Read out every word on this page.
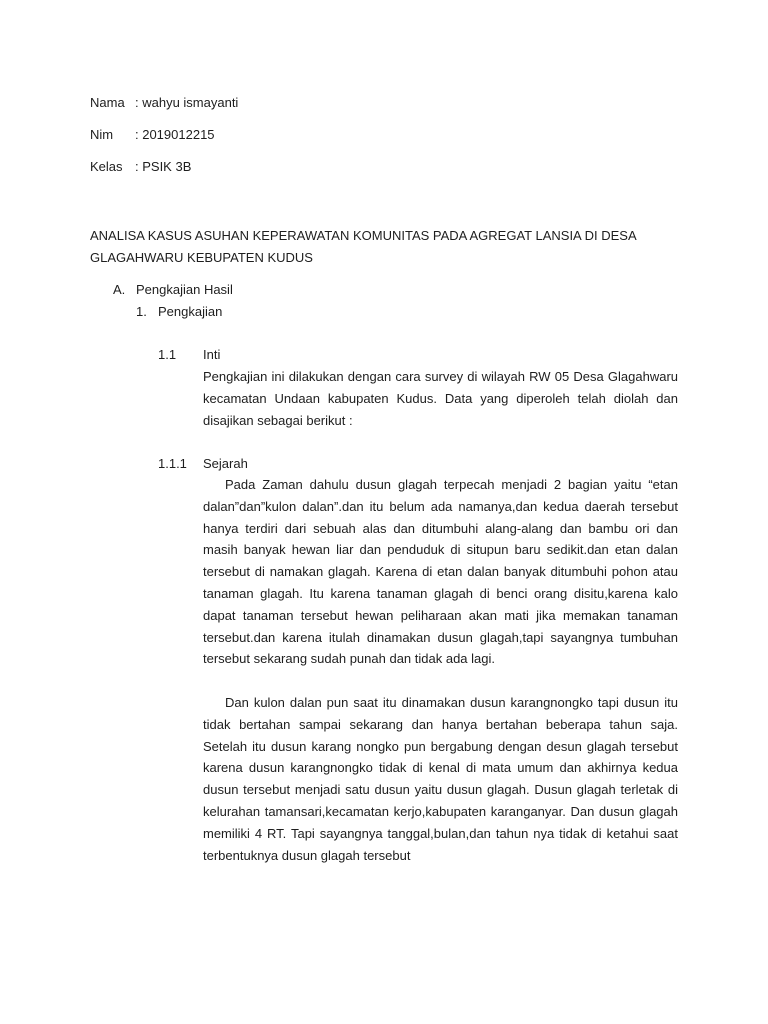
Nama : wahyu ismayanti
Nim : 2019012215
Kelas : PSIK 3B
ANALISA KASUS ASUHAN KEPERAWATAN KOMUNITAS PADA AGREGAT LANSIA DI DESA GLAGAHWARU KEBUPATEN KUDUS
A. Pengkajian Hasil
1. Pengkajian
1.1 Inti

Pengkajian ini dilakukan dengan cara survey di wilayah RW 05 Desa Glagahwaru kecamatan Undaan kabupaten Kudus. Data yang diperoleh telah diolah dan disajikan sebagai berikut :

1.1.1 Sejarah

Pada Zaman dahulu dusun glagah terpecah menjadi 2 bagian yaitu “etan dalan”dan”kulon dalan”.dan itu belum ada namanya,dan kedua daerah tersebut hanya terdiri dari sebuah alas dan ditumbuhi alang-alang dan bambu ori dan masih banyak hewan liar dan penduduk di situpun baru sedikit.dan etan dalan tersebut di namakan glagah. Karena di etan dalan banyak ditumbuhi pohon atau tanaman glagah. Itu karena tanaman glagah di benci orang disitu,karena kalo dapat tanaman tersebut hewan peliharaan akan mati jika memakan tanaman tersebut.dan karena itulah dinamakan dusun glagah,tapi sayangnya tumbuhan tersebut sekarang sudah punah dan tidak ada lagi.

Dan kulon dalan pun saat itu dinamakan dusun karangnongko tapi dusun itu tidak bertahan sampai sekarang dan hanya bertahan beberapa tahun saja. Setelah itu dusun karang nongko pun bergabung dengan desun glagah tersebut karena dusun karangnongko tidak di kenal di mata umum dan akhirnya kedua dusun tersebut menjadi satu dusun yaitu dusun glagah. Dusun glagah terletak di kelurahan tamansari,kecamatan kerjo,kabupaten karanganyar. Dan dusun glagah memiliki 4 RT. Tapi sayangnya tanggal,bulan,dan tahun nya tidak di ketahui saat terbentuknya dusun glagah tersebut
